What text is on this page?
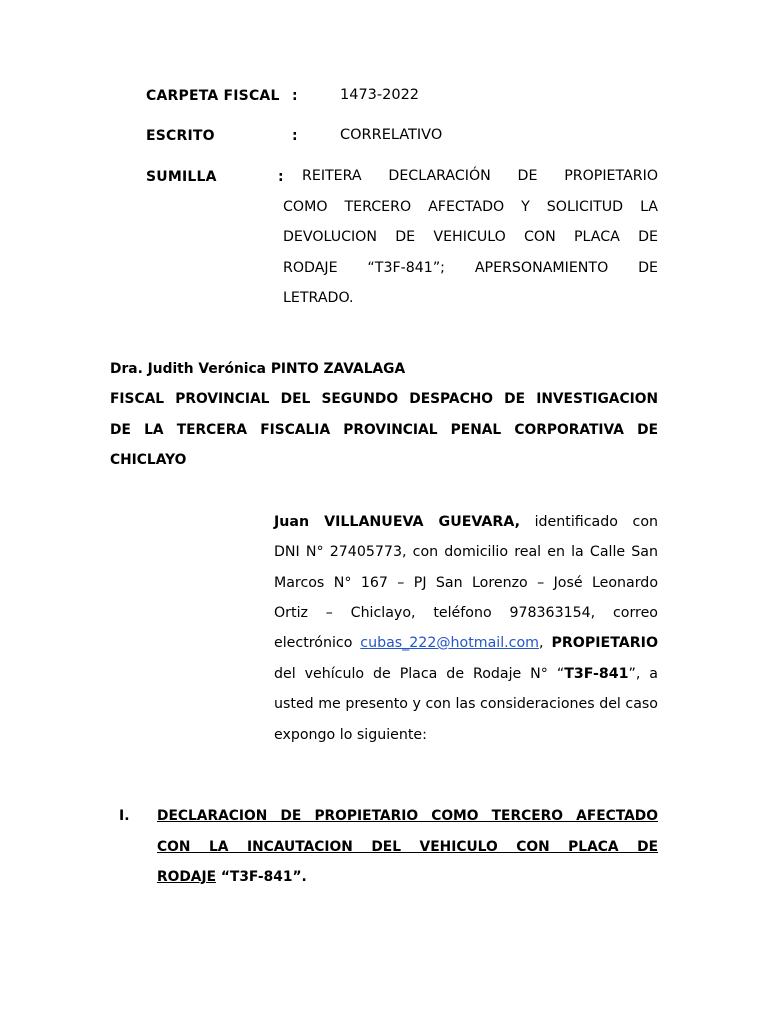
CARPETA FISCAL :	1473-2022
ESCRITO	:	CORRELATIVO
SUMILLA	: REITERA DECLARACIÓN DE PROPIETARIO
COMO TERCERO AFECTADO Y SOLICITUD LA
DEVOLUCION DE VEHICULO CON PLACA DE
RODAJE “T3F-841”; APERSONAMIENTO DE
LETRADO.
Dra. Judith Verónica PINTO ZAVALAGA
FISCAL PROVINCIAL DEL SEGUNDO DESPACHO DE INVESTIGACION
DE LA TERCERA FISCALIA PROVINCIAL PENAL CORPORATIVA DE
CHICLAYO
Juan VILLANUEVA GUEVARA, identificado con
DNI N° 27405773, con domicilio real en la Calle San
Marcos N° 167 – PJ San Lorenzo – José Leonardo
Ortiz – Chiclayo, teléfono 978363154, correo
electrónico cubas_222@hotmail.com, PROPIETARIO
del vehículo de Placa de Rodaje N° “T3F-841”, a
usted me presento y con las consideraciones del caso
expongo lo siguiente:
I. DECLARACION DE PROPIETARIO COMO TERCERO AFECTADO
CON LA INCAUTACION DEL VEHICULO CON PLACA DE
RODAJE “T3F-841”.
